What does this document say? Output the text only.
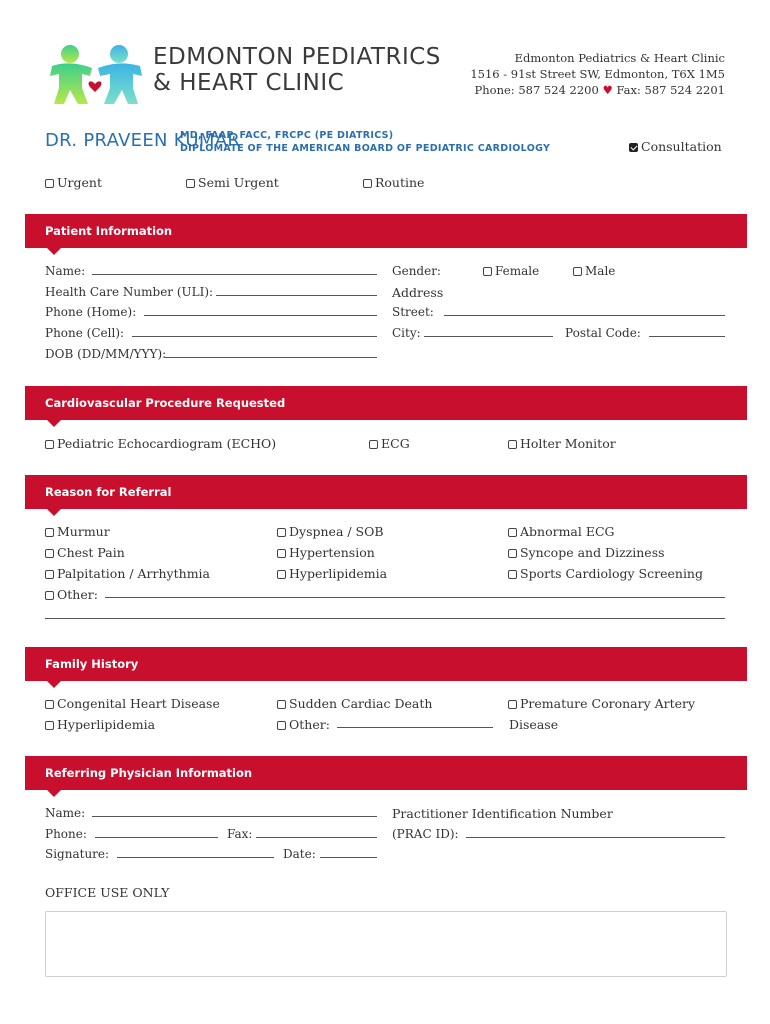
EDMONTON PEDIATRICS
& HEART CLINIC
Edmonton Pediatrics & Heart Clinic
1516 - 91st Street SW, Edmonton, T6X 1M5
Phone: 587 524 2200 ♥ Fax: 587 524 2201
DR. PRAVEEN KUMAR
MD, FAAP, FACC, FRCPC (PE DIATRICS)
DIPLOMATE OF THE AMERICAN BOARD OF PEDIATRIC CARDIOLOGY	Consultation
Urgent	Semi Urgent	Routine
Patient Information
Name:
Health Care Number (ULI):
Phone (Home):
Phone (Cell):
DOB (DD/MM/YYY):
Gender:	Female	Male
Address
Street:
City:	Postal Code:
Cardiovascular Procedure Requested
Pediatric Echocardiogram (ECHO)	ECG	Holter Monitor
Reason for Referral
Murmur
Chest Pain
Palpitation / Arrhythmia
Dyspnea / SOB
Hypertension
Hyperlipidemia
Abnormal ECG
Syncope and Dizziness
Sports Cardiology Screening
Other:
Family History
Congenital Heart Disease
Hyperlipidemia
Sudden Cardiac Death
Other:
Premature Coronary Artery
Disease
Referring Physician Information
Name:
Phone:	Fax:
Signature:	Date:
Practitioner Identification Number
(PRAC ID):
OFFICE USE ONLY
